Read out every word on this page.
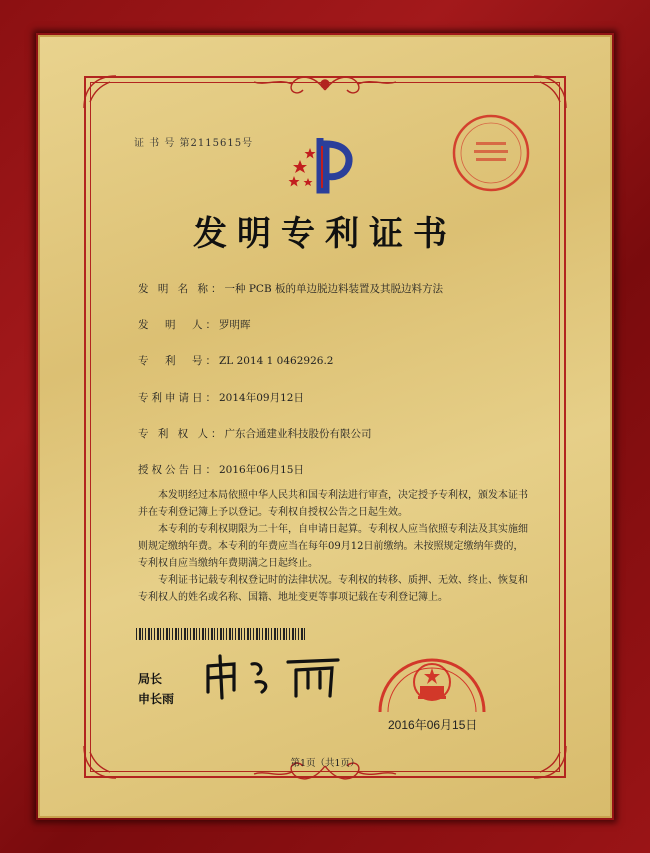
证 书 号 第2115615号
发明专利证书
发 明 名 称：一种 PCB 板的单边脱边料装置及其脱边料方法
发　明　人：罗明晖
专　利　号：ZL 2014 1 0462926.2
专利申请日：2014年09月12日
专 利 权 人：广东合通建业科技股份有限公司
授权公告日：2016年06月15日
　　本发明经过本局依照中华人民共和国专利法进行审查，决定授予专利权，颁发本证书
并在专利登记簿上予以登记。专利权自授权公告之日起生效。
　　本专利的专利权期限为二十年，自申请日起算。专利权人应当依照专利法及其实施细
则规定缴纳年费。本专利的年费应当在每年09月12日前缴纳。未按照规定缴纳年费的，
专利权自应当缴纳年费期满之日起终止。
　　专利证书记载专利权登记时的法律状况。专利权的转移、质押、无效、终止、恢复和
专利权人的姓名或名称、国籍、地址变更等事项记载在专利登记簿上。
局长
申长雨
2016年06月15日
第1页（共1页）
